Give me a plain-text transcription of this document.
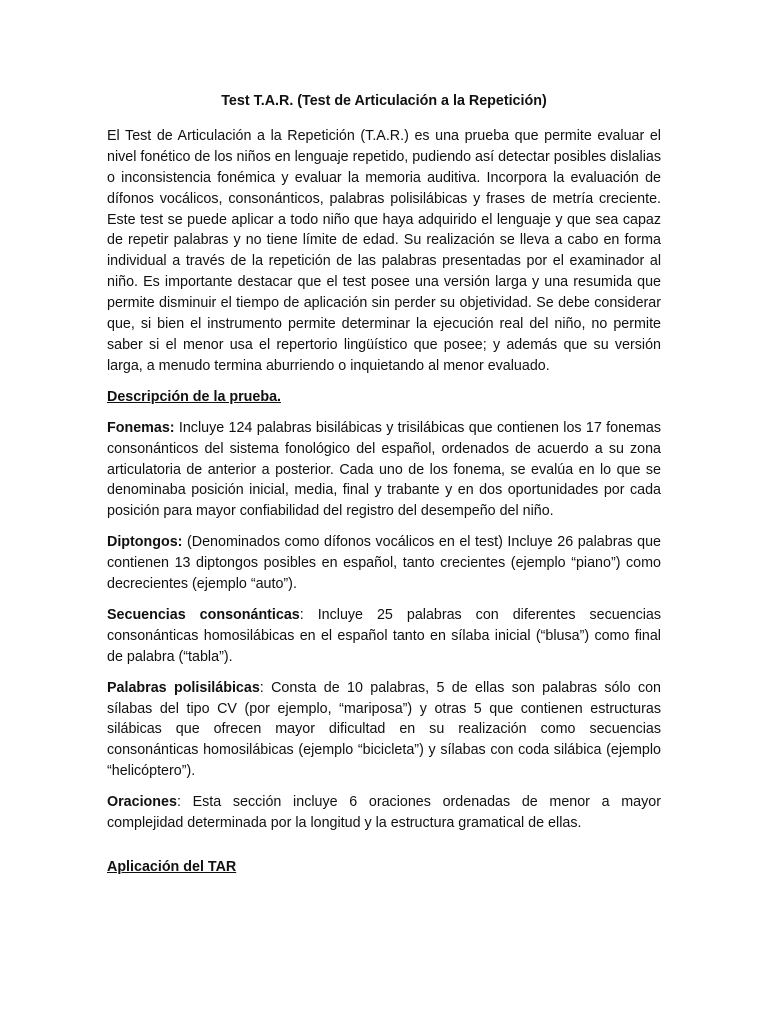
Test T.A.R. (Test de Articulación a la Repetición)

El Test de Articulación a la Repetición (T.A.R.) es una prueba que permite evaluar el nivel fonético de los niños en lenguaje repetido, pudiendo así detectar posibles dislalias o inconsistencia fonémica y evaluar la memoria auditiva. Incorpora la evaluación de dífonos vocálicos, consonánticos, palabras polisilábicas y frases de metría creciente. Este test se puede aplicar a todo niño que haya adquirido el lenguaje y que sea capaz de repetir palabras y no tiene límite de edad. Su realización se lleva a cabo en forma individual a través de la repetición de las palabras presentadas por el examinador al niño. Es importante destacar que el test posee una versión larga y una resumida que permite disminuir el tiempo de aplicación sin perder su objetividad. Se debe considerar que, si bien el instrumento permite determinar la ejecución real del niño, no permite saber si el menor usa el repertorio lingüístico que posee; y además que su versión larga, a menudo termina aburriendo o inquietando al menor evaluado.

Descripción de la prueba.

Fonemas: Incluye 124 palabras bisilábicas y trisilábicas que contienen los 17 fonemas consonánticos del sistema fonológico del español, ordenados de acuerdo a su zona articulatoria de anterior a posterior. Cada uno de los fonema, se evalúa en lo que se denominaba posición inicial, media, final y trabante y en dos oportunidades por cada posición para mayor confiabilidad del registro del desempeño del niño.

Diptongos: (Denominados como dífonos vocálicos en el test) Incluye 26 palabras que contienen 13 diptongos posibles en español, tanto crecientes (ejemplo “piano”) como decrecientes (ejemplo “auto”).

Secuencias consonánticas: Incluye 25 palabras con diferentes secuencias consonánticas homosilábicas en el español tanto en sílaba inicial (“blusa”) como final de palabra (“tabla”).

Palabras polisilábicas: Consta de 10 palabras, 5 de ellas son palabras sólo con sílabas del tipo CV (por ejemplo, “mariposa”) y otras 5 que contienen estructuras silábicas que ofrecen mayor dificultad en su realización como secuencias consonánticas homosilábicas (ejemplo “bicicleta”) y sílabas con coda silábica (ejemplo “helicóptero”).

Oraciones: Esta sección incluye 6 oraciones ordenadas de menor a mayor complejidad determinada por la longitud y la estructura gramatical de ellas.

Aplicación del TAR
